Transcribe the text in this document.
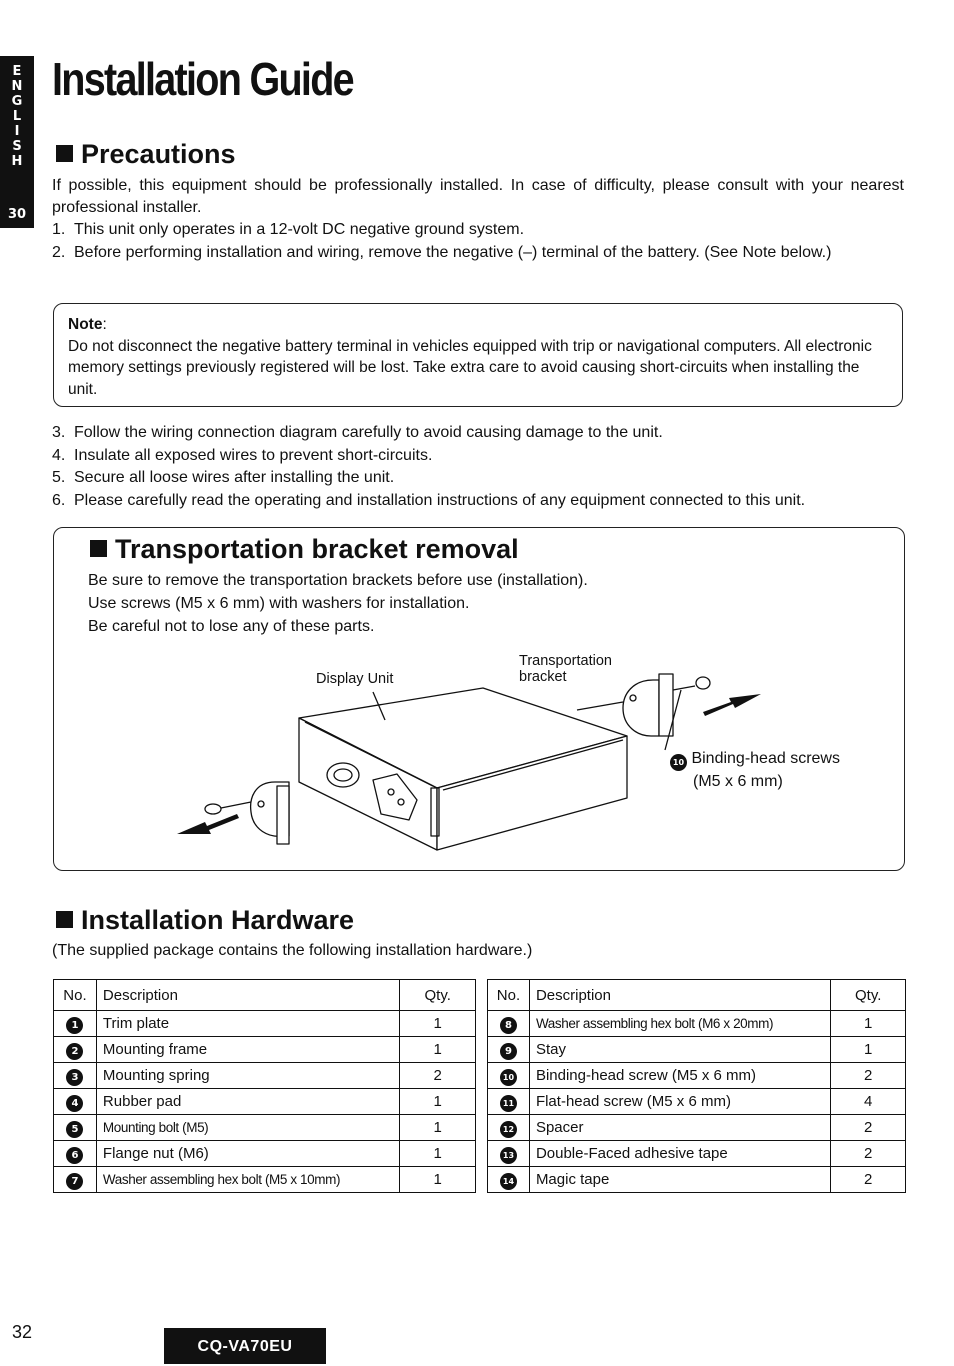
E
N
G
L
I
S
H
30
Installation Guide
Precautions

If possible, this equipment should be professionally installed. In case of difficulty, please consult with your nearest professional installer.

1. This unit only operates in a 12-volt DC negative ground system.
2. Before performing installation and wiring, remove the negative (–) terminal of the battery. (See Note below.)
Note:
Do not disconnect the negative battery terminal in vehicles equipped with trip or navigational computers. All electronic memory settings previously registered will be lost. Take extra care to avoid causing short-circuits when installing the unit.
3. Follow the wiring connection diagram carefully to avoid causing damage to the unit.
4. Insulate all exposed wires to prevent short-circuits.
5. Secure all loose wires after installing the unit.
6. Please carefully read the operating and installation instructions of any equipment connected to this unit.
Transportation bracket removal
Be sure to remove the transportation brackets before use (installation).
Use screws (M5 x 6 mm) with washers for installation.
Be careful not to lose any of these parts.
Display Unit
Transportation
bracket
10 Binding-head screws
(M5 x 6 mm)
Installation Hardware

(The supplied package contains the following installation hardware.)

No.	Description	Qty.
1	Trim plate	1
2	Mounting frame	1
3	Mounting spring	2
4	Rubber pad	1
5	Mounting bolt (M5)	1
6	Flange nut (M6)	1
7	Washer assembling hex bolt (M5 x 10mm)	1
No.	Description	Qty.
8	Washer assembling hex bolt (M6 x 20mm)	1
9	Stay	1
10	Binding-head screw (M5 x 6 mm)	2
11	Flat-head screw (M5 x 6 mm)	4
12	Spacer	2
13	Double-Faced adhesive tape	2
14	Magic tape	2
32
CQ-VA70EU
